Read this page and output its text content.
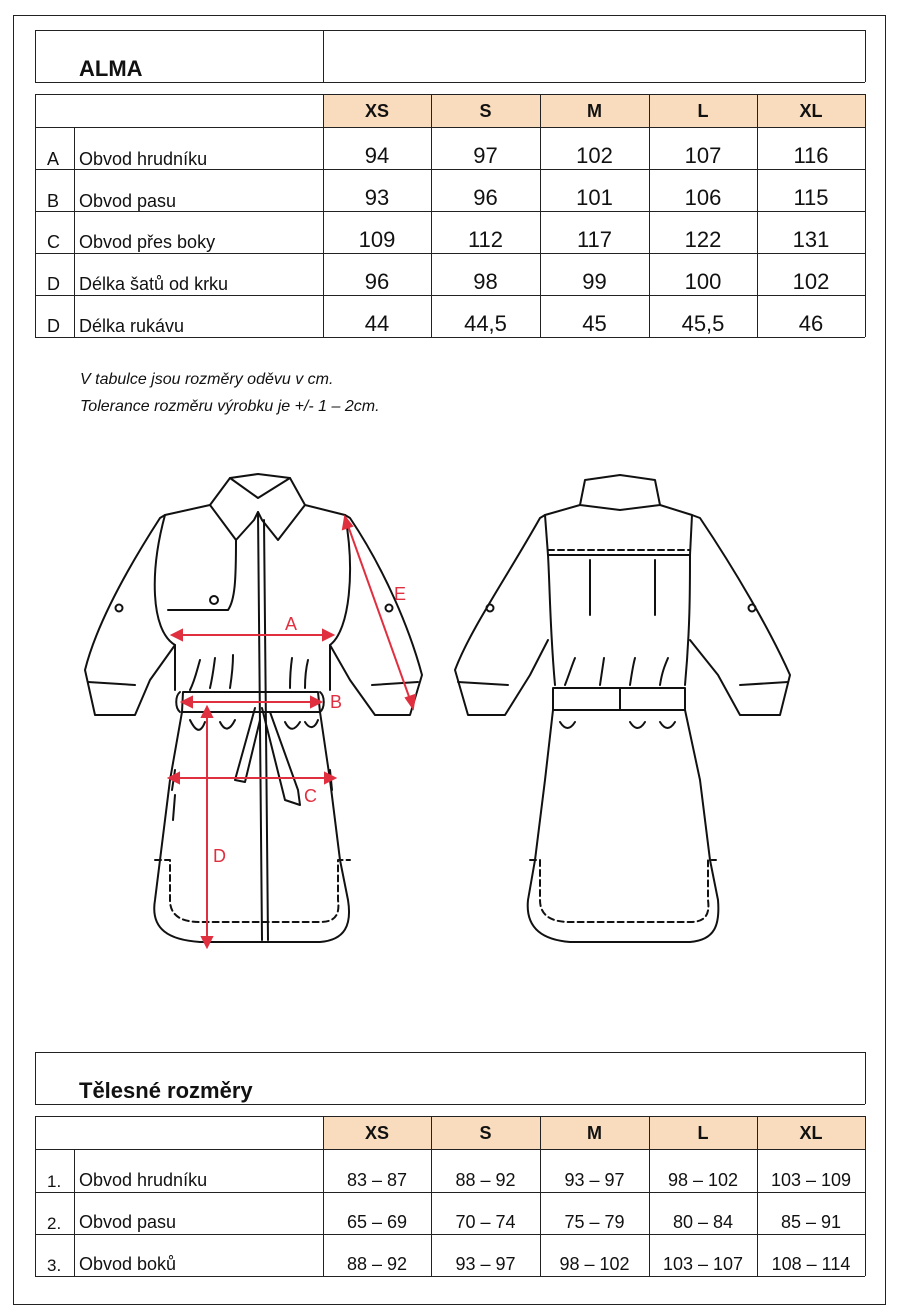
XS	S	M	L	XL
ALMA
A Obvod hrudníku	94	97	102	107	116
B Obvod pasu	93	96	101	106	115
C Obvod přes boky	109	112	117	122	131
D Délka šatů od krku	96	98	99	100	102
D Délka rukávu	44	44,5	45	45,5	46
V tabulce jsou rozměry oděvu v cm.
Tolerance rozměru výrobku je +/- 1 – 2cm.
A
B
C
D
E
XS	S	M	L	XL
Tělesné rozměry
1. Obvod hrudníku	83 – 87	88 – 92	93 – 97	98 – 102	103 – 109
2. Obvod pasu	65 – 69	70 – 74	75 – 79	80 – 84	85 – 91
3. Obvod boků	88 – 92	93 – 97	98 – 102	103 – 107	108 – 114
